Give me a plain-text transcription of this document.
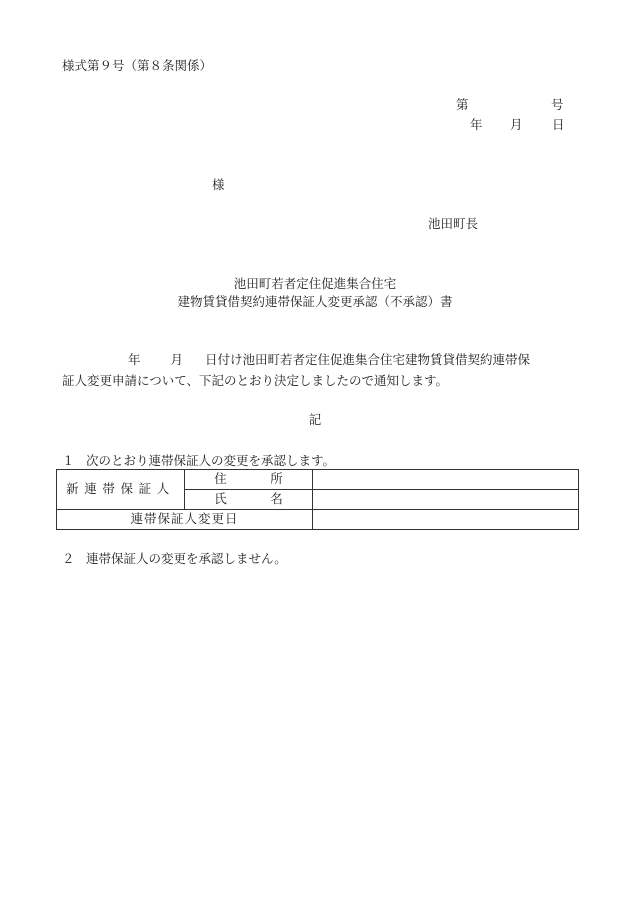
様式第９号（第８条関係）
第	号
年 月 日
様
池田町長
池田町若者定住促進集合住宅
建物賃貸借契約連帯保証人変更承認（不承認）書
年 月 日付け池田町若者定住促進集合住宅建物賃貸借契約連帯保
証人変更申請について、下記のとおり決定しましたので通知します。
記
１ 次のとおり連帯保証人の変更を承認します。
新連帯保証人	住 所	
	氏 名	
連帯保証人変更日		
２ 連帯保証人の変更を承認しません。
